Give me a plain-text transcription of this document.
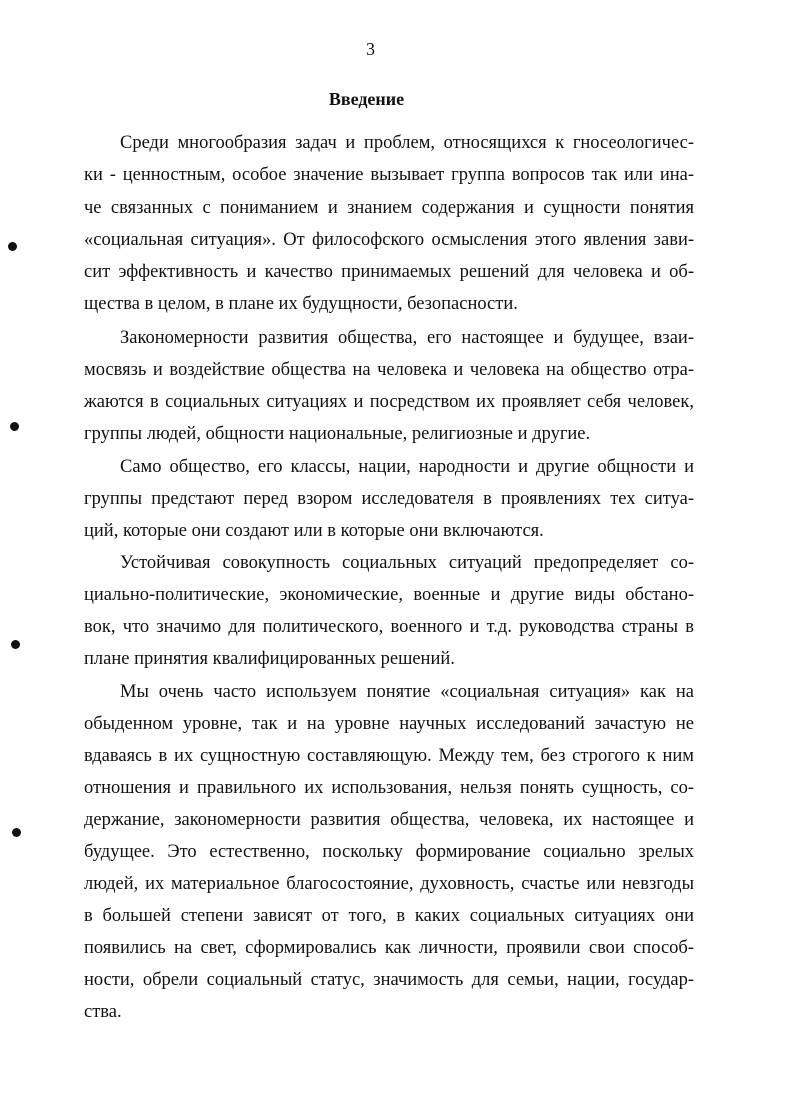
3
Введение
Среди многообразия задач и проблем, относящихся к гносеологичес-
ки - ценностным, особое значение вызывает группа вопросов так или ина-
че связанных с пониманием и знанием содержания и сущности понятия
«социальная ситуация». От философского осмысления этого явления зави-
сит эффективность и качество принимаемых решений для человека и об-
щества в целом, в плане их будущности, безопасности.
Закономерности развития общества, его настоящее и будущее, взаи-
мосвязь и воздействие общества на человека и человека на общество отра-
жаются в социальных ситуациях и посредством их проявляет себя человек,
группы людей, общности национальные, религиозные и другие.
Само общество, его классы, нации, народности и другие общности и
группы предстают перед взором исследователя в проявлениях тех ситуа-
ций, которые они создают или в которые они включаются.
Устойчивая совокупность социальных ситуаций предопределяет со-
циально-политические, экономические, военные и другие виды обстано-
вок, что значимо для политического, военного и т.д. руководства страны в
плане принятия квалифицированных решений.
Мы очень часто используем понятие «социальная ситуация» как на
обыденном уровне, так и на уровне научных исследований зачастую не
вдаваясь в их сущностную составляющую. Между тем, без строгого к ним
отношения и правильного их использования, нельзя понять сущность, со-
держание, закономерности развития общества, человека, их настоящее и
будущее. Это естественно, поскольку формирование социально зрелых
людей, их материальное благосостояние, духовность, счастье или невзгоды
в большей степени зависят от того, в каких социальных ситуациях они
появились на свет, сформировались как личности, проявили свои способ-
ности, обрели социальный статус, значимость для семьи, нации, государ-
ства.
